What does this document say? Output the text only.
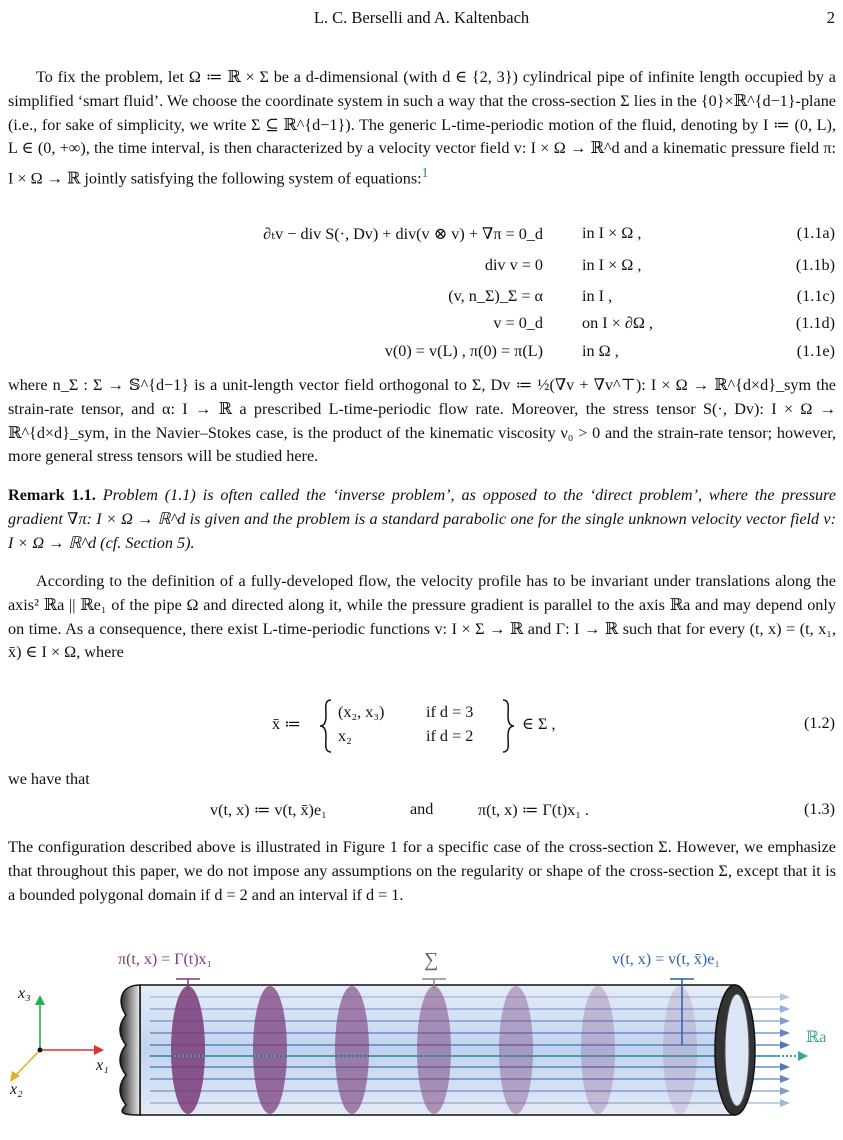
L. C. Berselli and A. Kaltenbach	2
To fix the problem, let Ω ≔ ℝ × Σ be a d-dimensional (with d ∈ {2, 3}) cylindrical pipe of infinite length occupied by a simplified ‘smart fluid’. We choose the coordinate system in such a way that the cross-section Σ lies in the {0}×ℝ^{d−1}-plane (i.e., for sake of simplicity, we write Σ ⊆ ℝ^{d−1}). The generic L-time-periodic motion of the fluid, denoting by I ≔ (0, L), L ∈ (0, +∞), the time interval, is then characterized by a velocity vector field v: I × Ω → ℝ^d and a kinematic pressure field π: I × Ω → ℝ jointly satisfying the following system of equations:$^1$
∂ₜv − div S(·, Dv) + div(v ⊗ v) + ∇π = 0_d in I × Ω ,	(1.1a)
div v = 0 in I × Ω ,	(1.1b)
(v, n_Σ)_Σ = α in I ,	(1.1c)
v = 0_d on I × ∂Ω ,	(1.1d)
v(0) = v(L) , π(0) = π(L) in Ω ,	(1.1e)
where n_Σ : Σ → 𝕊^{d−1} is a unit-length vector field orthogonal to Σ, Dv ≔ ½(∇v + ∇v^⊤): I × Ω → ℝ^{d×d}_sym the strain-rate tensor, and α: I → ℝ a prescribed L-time-periodic flow rate. Moreover, the stress tensor S(·, Dv): I × Ω → ℝ^{d×d}_sym, in the Navier–Stokes case, is the product of the kinematic viscosity ν₀ > 0 and the strain-rate tensor; however, more general stress tensors will be studied here.
Remark 1.1. Problem (1.1) is often called the ‘inverse problem’, as opposed to the ‘direct problem’, where the pressure gradient ∇π: I × Ω → ℝ^d is given and the problem is a standard parabolic one for the single unknown velocity vector field v: I × Ω → ℝ^d (cf. Section 5).
According to the definition of a fully-developed flow, the velocity profile has to be invariant under translations along the axis² ℝa || ℝe₁ of the pipe Ω and directed along it, while the pressure gradient is parallel to the axis ℝa and may depend only on time. As a consequence, there exist L-time-periodic functions v: I × Σ → ℝ and Γ: I → ℝ such that for every (t, x) = (t, x₁, x̄) ∈ I × Ω, where
x̄ ≔
(x₂, x₃)	if d = 3
x₂	if d = 2
∈ Σ ,	(1.2)
we have that
v(t, x) ≔ v(t, x̄)e₁	and	π(t, x) ≔ Γ(t)x₁ .	(1.3)
The configuration described above is illustrated in Figure 1 for a specific case of the cross-section Σ. However, we emphasize that throughout this paper, we do not impose any assumptions on the regularity or shape of the cross-section Σ, except that it is a bounded polygonal domain if d = 2 and an interval if d = 1.
π(t, x) = Γ(t)x₁	∑	v(t, x) = v(t, x̄)e₁
ℝa
x₁
x₂
x₃
